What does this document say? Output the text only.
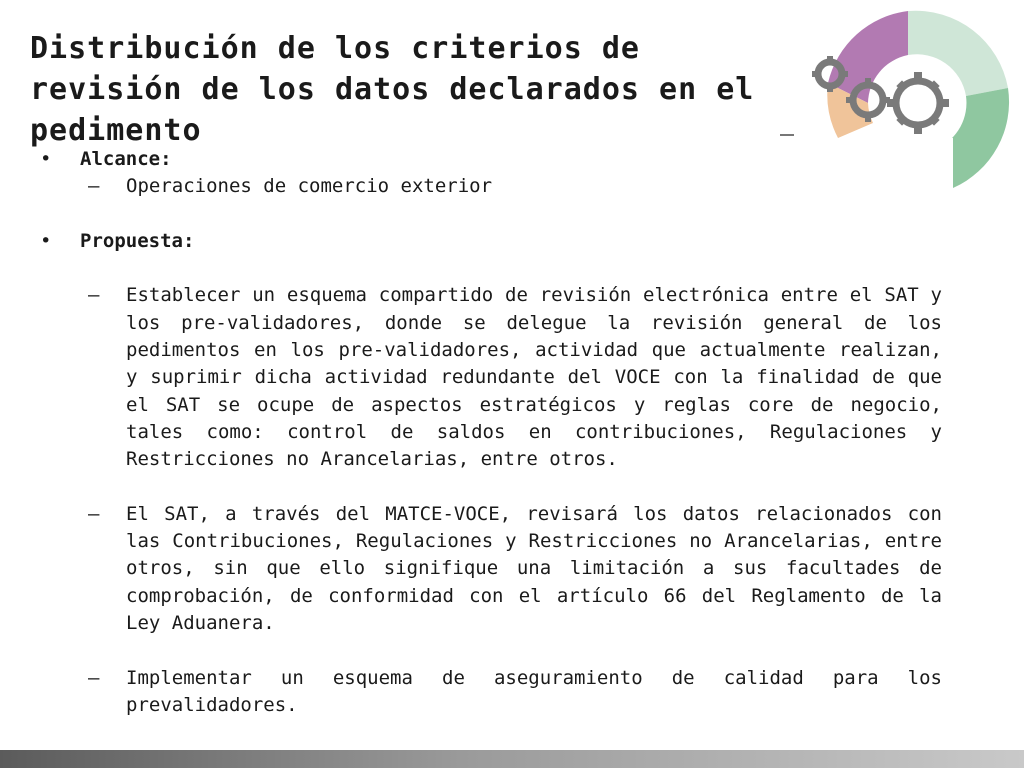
Distribución de los criterios de revisión de los datos declarados en el pedimento
•	Alcance:
–	Operaciones de comercio exterior
•	Propuesta:
–	Establecer un esquema compartido de revisión electrónica entre el SAT y los pre-validadores, donde se delegue la revisión general de los pedimentos en los pre-validadores, actividad que actualmente realizan, y suprimir dicha actividad redundante del VOCE con la finalidad de que el SAT se ocupe de aspectos estratégicos y reglas core de negocio, tales como: control de saldos en contribuciones, Regulaciones y Restricciones no Arancelarias, entre otros.
–	El SAT, a través del MATCE-VOCE, revisará los datos relacionados con las Contribuciones, Regulaciones y Restricciones no Arancelarias, entre otros, sin que ello signifique una limitación a sus facultades de comprobación, de conformidad con el artículo 66 del Reglamento de la Ley Aduanera.
–	Implementar un esquema de aseguramiento de calidad para los prevalidadores.
